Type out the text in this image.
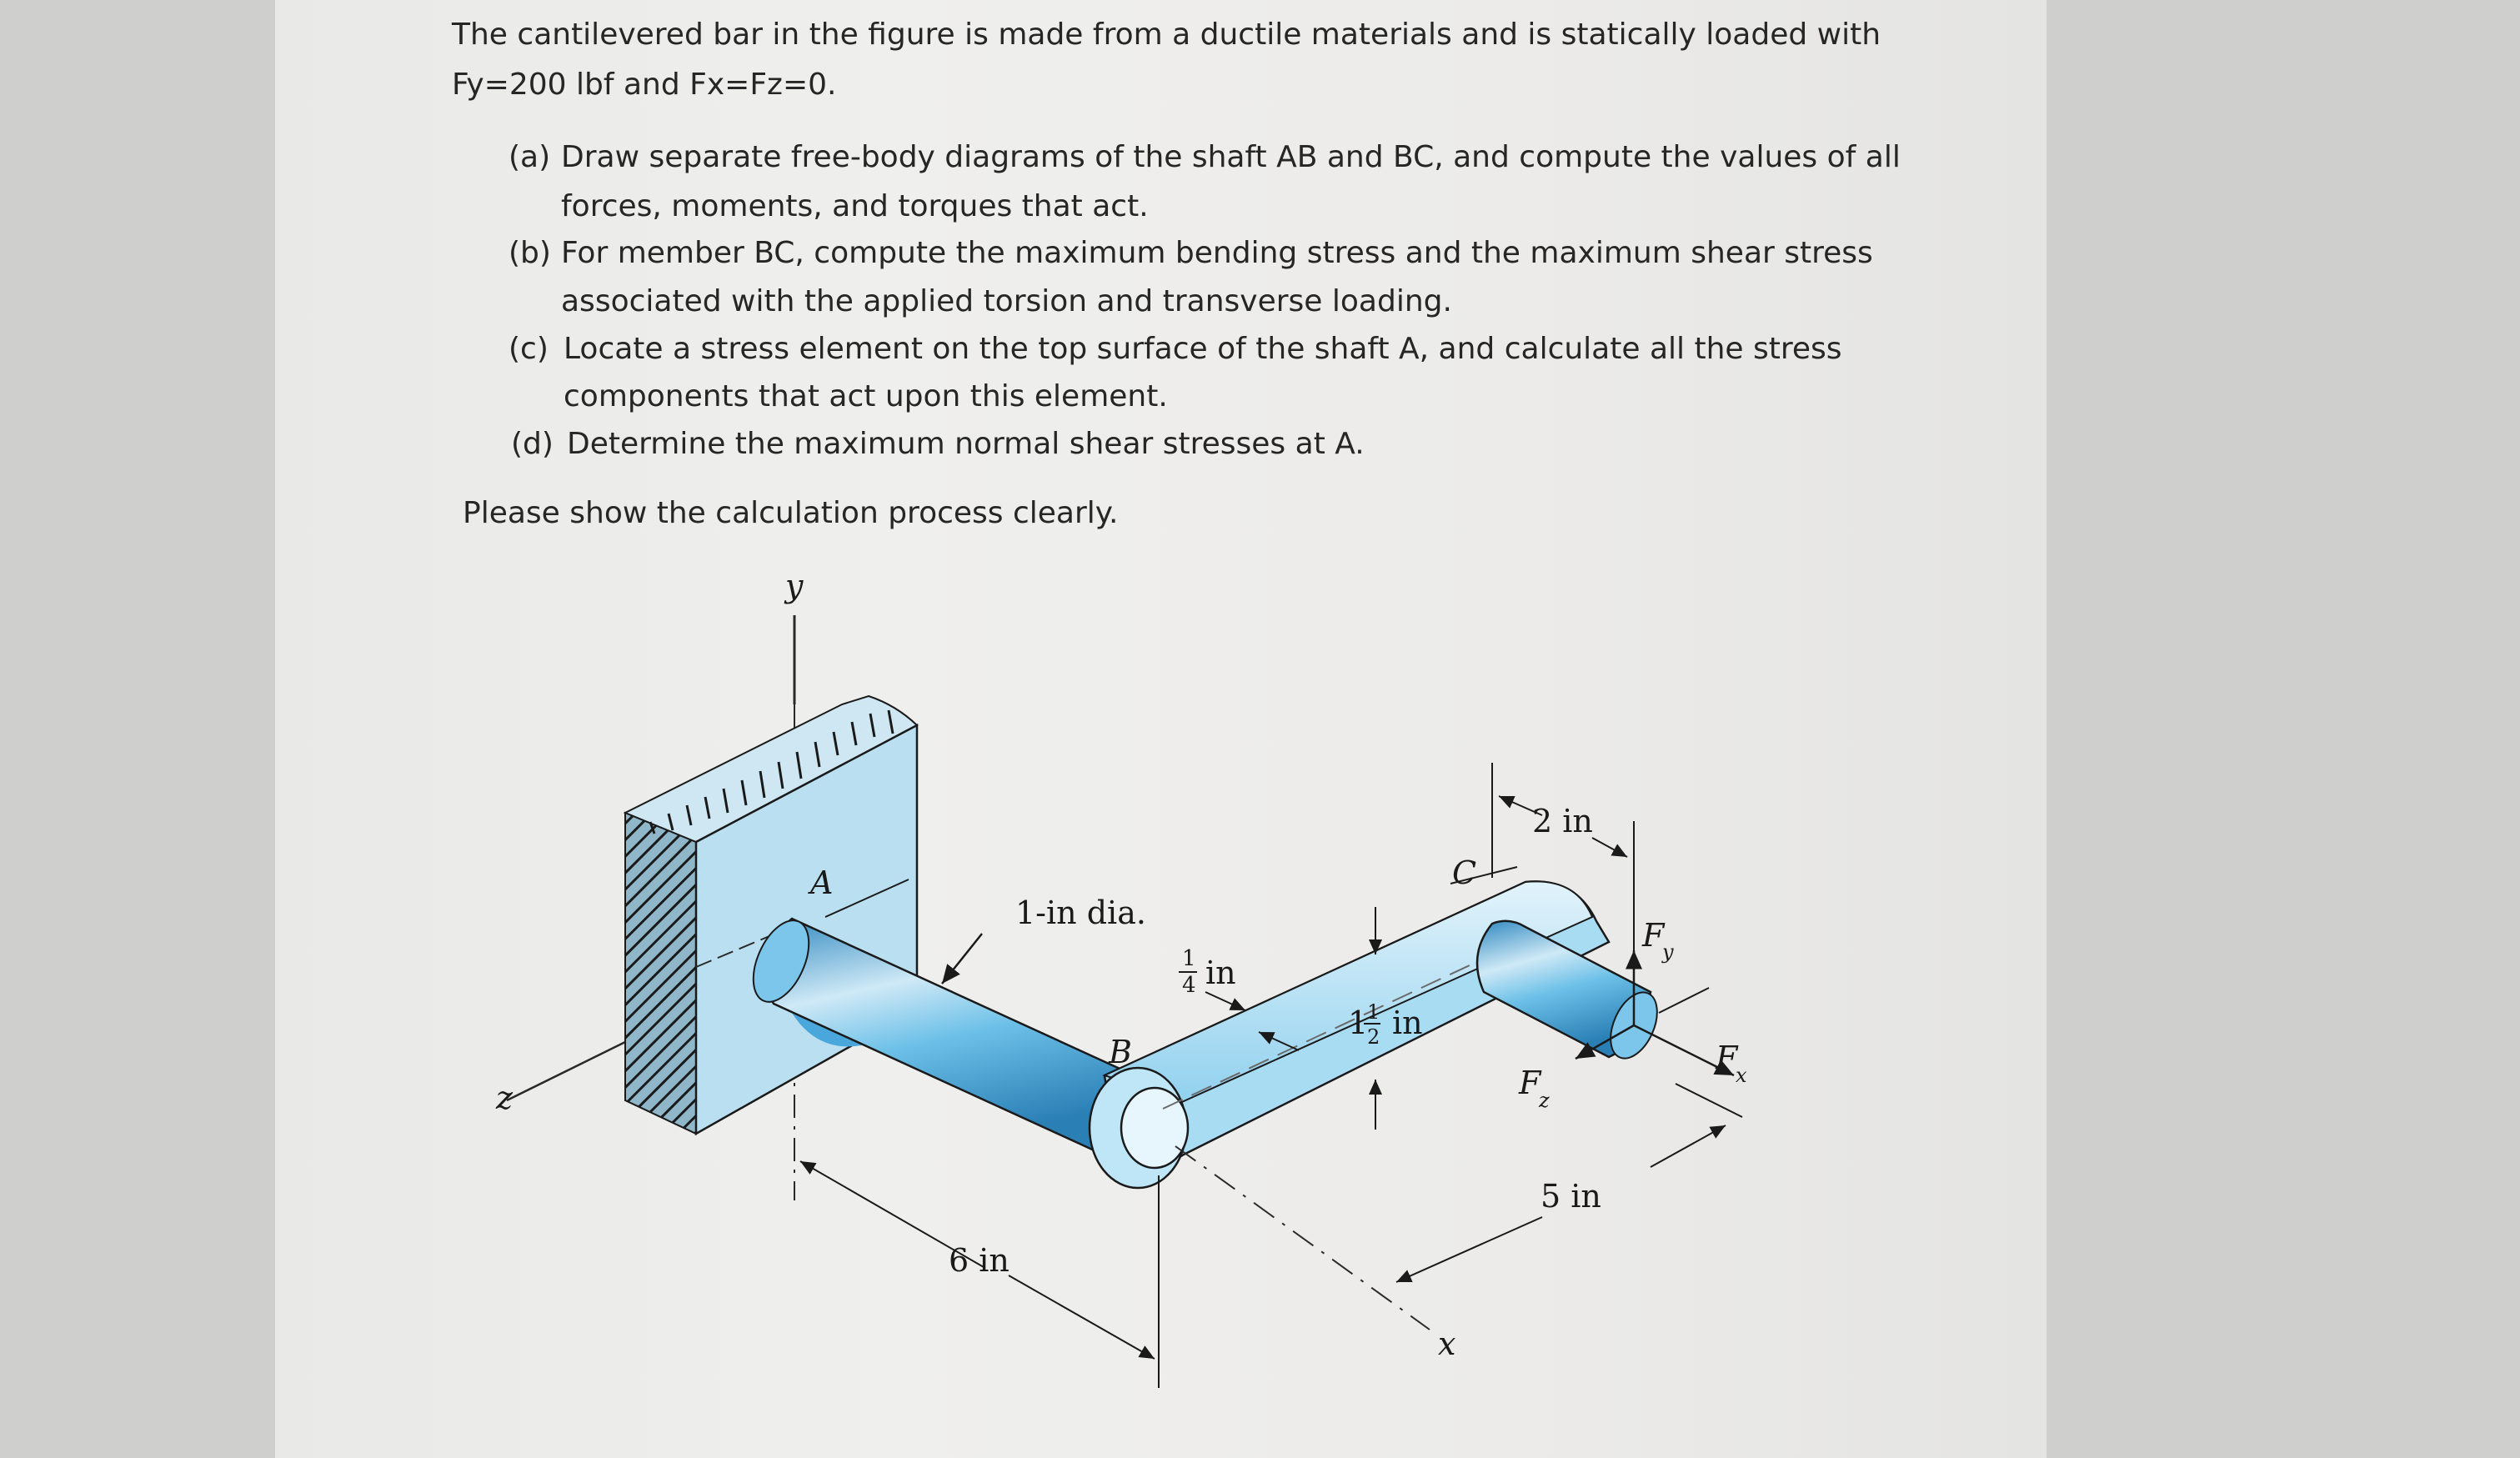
The cantilevered bar in the figure is made from a ductile materials and is statically loaded with
Fy=200 lbf and Fx=Fz=0.
(a) Draw separate free-body diagrams of the shaft AB and BC, and compute the values of all
forces, moments, and torques that act.
(b) For member BC, compute the maximum bending stress and the maximum shear stress
associated with the applied torsion and transverse loading.
(c) Locate a stress element on the top surface of the shaft A, and calculate all the stress
components that act upon this element.
(d) Determine the maximum normal shear stresses at A.
Please show the calculation process clearly.
y
z
A
1-in dia.
B
C
1
4 in
1
1
2 in
F
y
F
x
F
z
2 in
5 in
6 in
x
